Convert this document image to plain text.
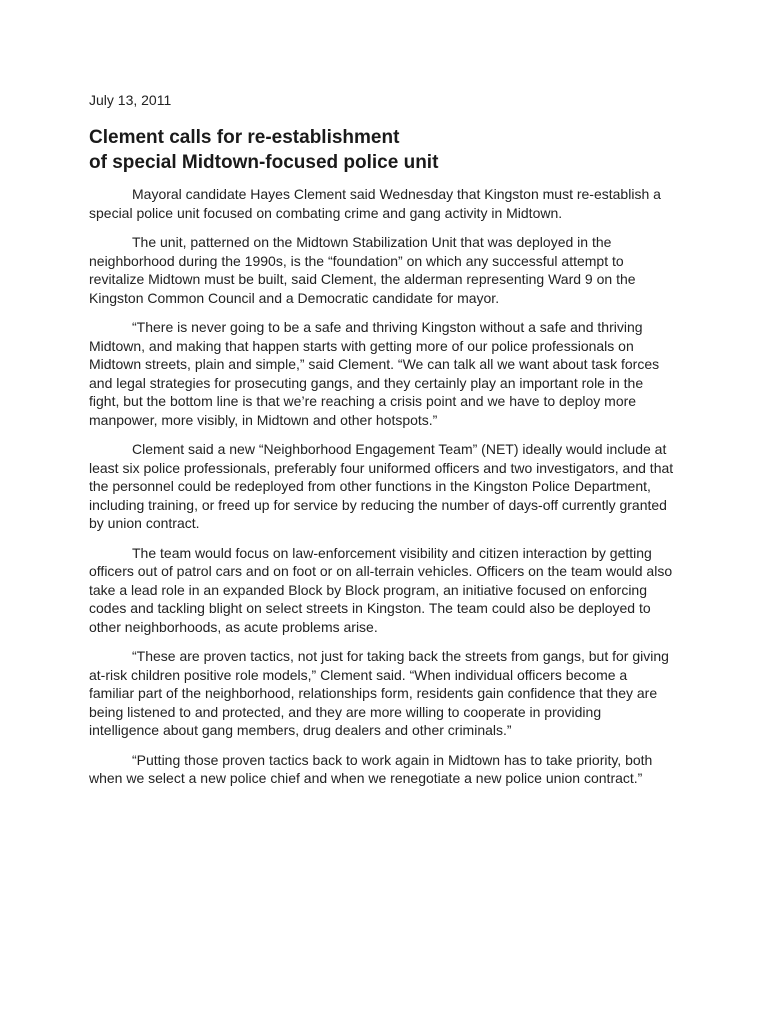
July 13, 2011
Clement calls for re-establishment
of special Midtown-focused police unit

Mayoral candidate Hayes Clement said Wednesday that Kingston must re-establish a special police unit focused on combating crime and gang activity in Midtown.

The unit, patterned on the Midtown Stabilization Unit that was deployed in the neighborhood during the 1990s, is the “foundation” on which any successful attempt to revitalize Midtown must be built, said Clement, the alderman representing Ward 9 on the Kingston Common Council and a Democratic candidate for mayor.

“There is never going to be a safe and thriving Kingston without a safe and thriving Midtown, and making that happen starts with getting more of our police professionals on Midtown streets, plain and simple,” said Clement. “We can talk all we want about task forces and legal strategies for prosecuting gangs, and they certainly play an important role in the fight, but the bottom line is that we’re reaching a crisis point and we have to deploy more manpower, more visibly, in Midtown and other hotspots.”

Clement said a new “Neighborhood Engagement Team” (NET) ideally would include at least six police professionals, preferably four uniformed officers and two investigators, and that the personnel could be redeployed from other functions in the Kingston Police Department, including training, or freed up for service by reducing the number of days-off currently granted by union contract.

The team would focus on law-enforcement visibility and citizen interaction by getting officers out of patrol cars and on foot or on all-terrain vehicles. Officers on the team would also take a lead role in an expanded Block by Block program, an initiative focused on enforcing codes and tackling blight on select streets in Kingston. The team could also be deployed to other neighborhoods, as acute problems arise.

“These are proven tactics, not just for taking back the streets from gangs, but for giving at-risk children positive role models,” Clement said. “When individual officers become a familiar part of the neighborhood, relationships form, residents gain confidence that they are being listened to and protected, and they are more willing to cooperate in providing intelligence about gang members, drug dealers and other criminals.”

“Putting those proven tactics back to work again in Midtown has to take priority, both when we select a new police chief and when we renegotiate a new police union contract.”
